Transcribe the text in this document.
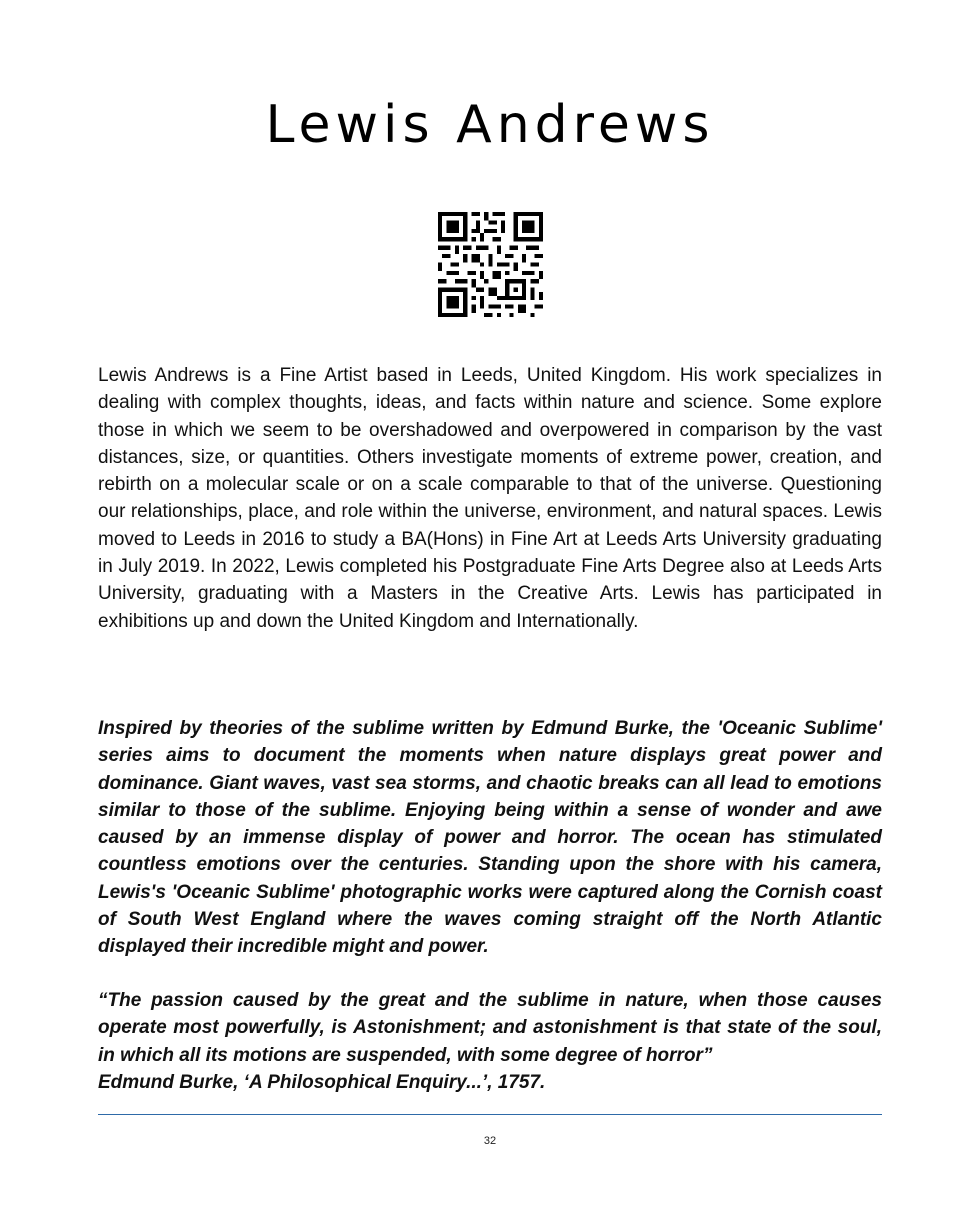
Lewis Andrews

Lewis Andrews is a Fine Artist based in Leeds, United Kingdom. His work specializes in dealing with complex thoughts, ideas, and facts within nature and science. Some explore those in which we seem to be overshadowed and overpowered in comparison by the vast distances, size, or quantities. Others investigate moments of extreme power, creation, and rebirth on a molecular scale or on a scale comparable to that of the universe. Questioning our relationships, place, and role within the universe, environment, and natural spaces. Lewis moved to Leeds in 2016 to study a BA(Hons) in Fine Art at Leeds Arts University graduating in July 2019. In 2022, Lewis completed his Postgraduate Fine Arts Degree also at Leeds Arts University, graduating with a Masters in the Creative Arts. Lewis has participated in exhibitions up and down the United Kingdom and Internationally.

Inspired by theories of the sublime written by Edmund Burke, the 'Oceanic Sublime' series aims to document the moments when nature displays great power and dominance. Giant waves, vast sea storms, and chaotic breaks can all lead to emotions similar to those of the sublime. Enjoying being within a sense of wonder and awe caused by an immense display of power and horror. The ocean has stimulated countless emotions over the centuries. Standing upon the shore with his camera, Lewis's 'Oceanic Sublime' photographic works were captured along the Cornish coast of South West England where the waves coming straight off the North Atlantic displayed their incredible might and power.

“The passion caused by the great and the sublime in nature, when those causes operate most powerfully, is Astonishment; and astonishment is that state of the soul, in which all its motions are suspended, with some degree of horror”
Edmund Burke, ‘A Philosophical Enquiry...’, 1757.

32
